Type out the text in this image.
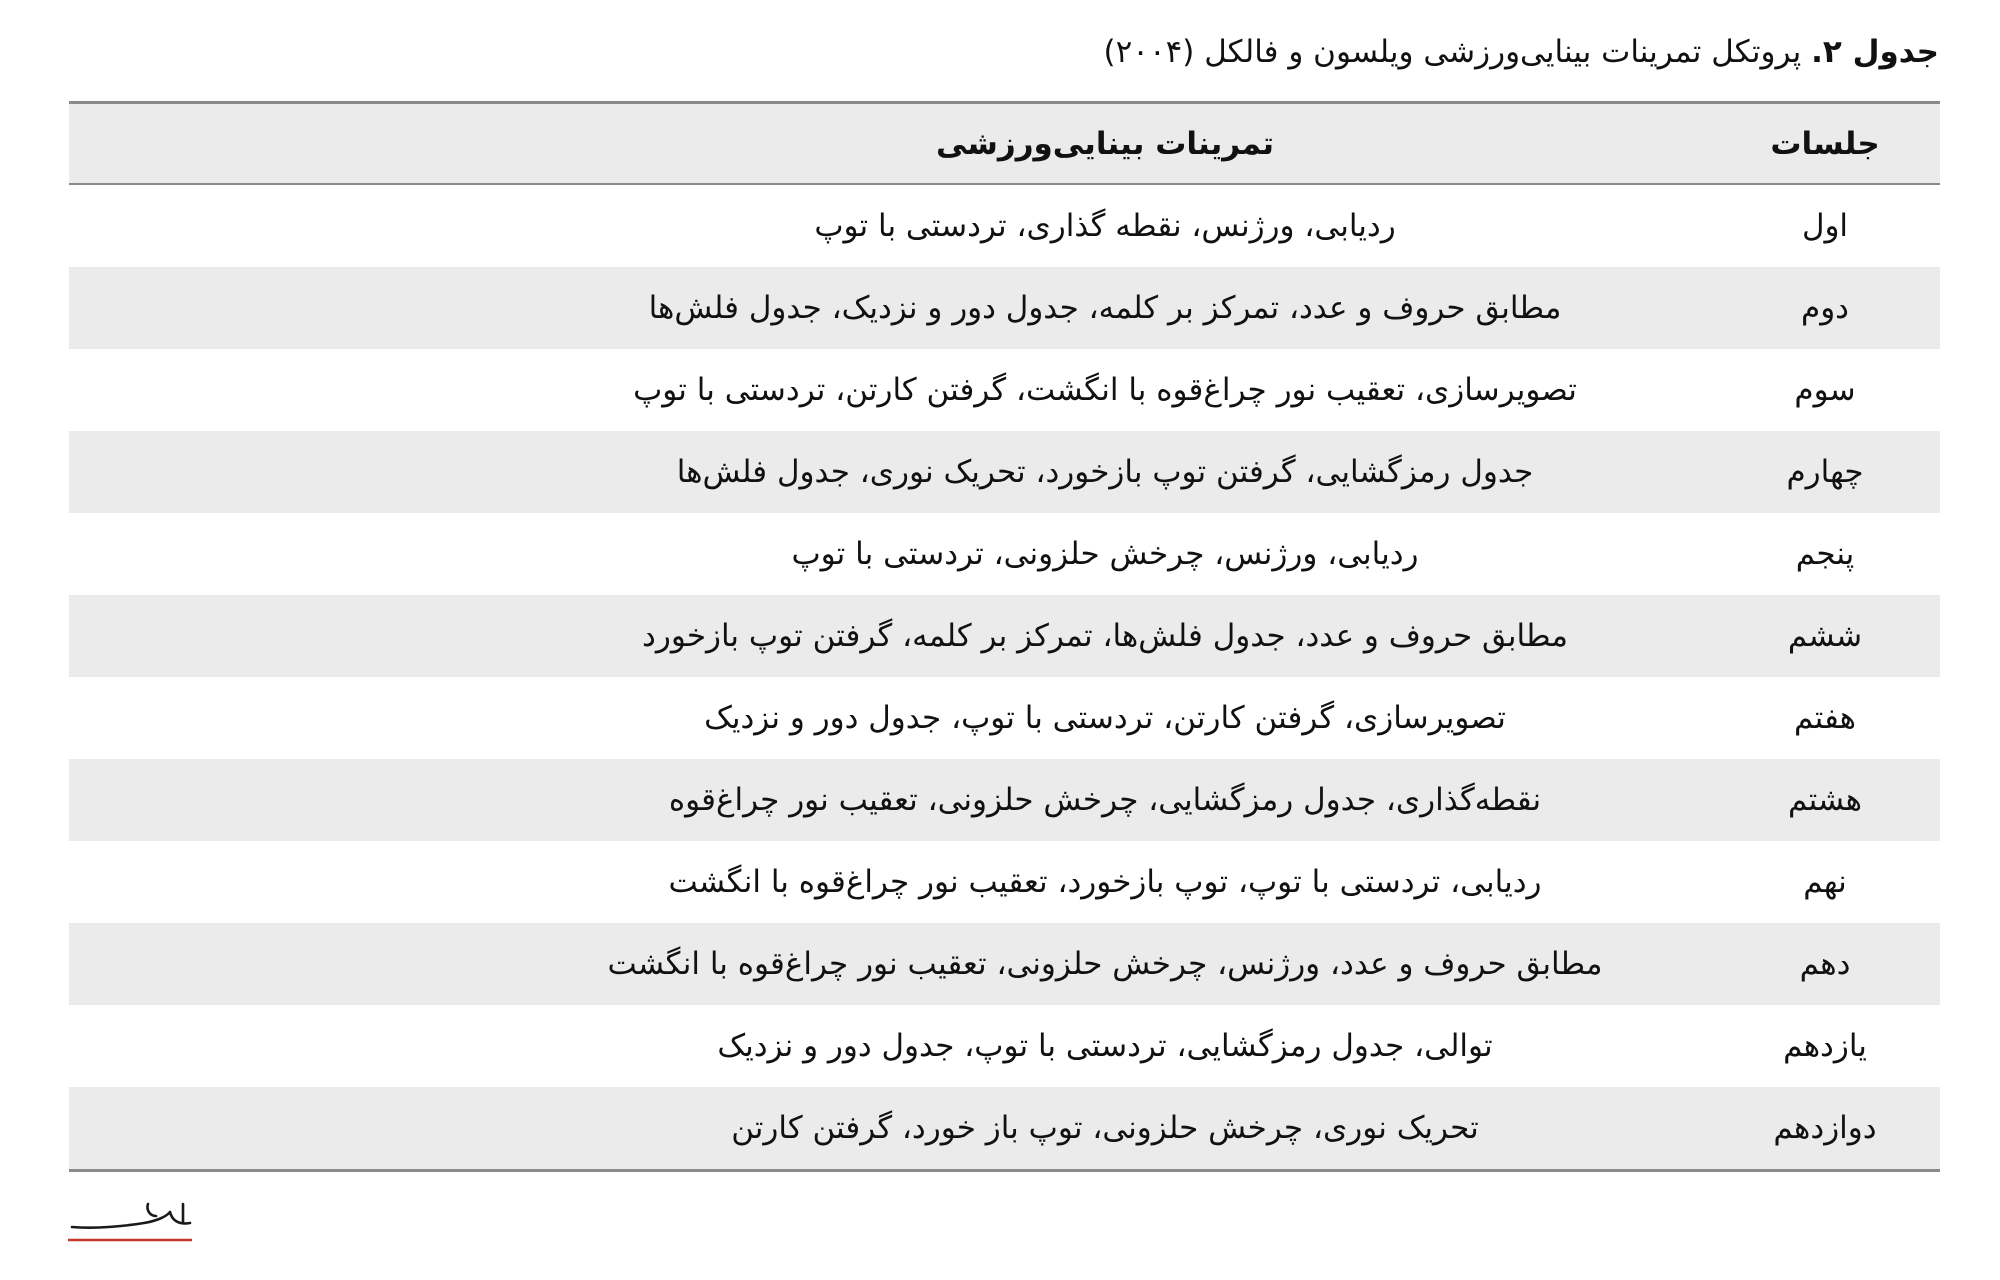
جدول ۲. پروتکل تمرینات بینایی‌ورزشی ویلسون و فالکل (۲۰۰۴)
جلسات
تمرینات بینایی‌ورزشی
اول
ردیابی، ورژنس، نقطه گذاری، تردستی با توپ
دوم
مطابق حروف و عدد، تمرکز بر کلمه، جدول دور و نزدیک، جدول فلش‌ها
سوم
تصویرسازی، تعقیب نور چراغ‌قوه با انگشت، گرفتن کارتن، تردستی با توپ
چهارم
جدول رمزگشایی، گرفتن توپ بازخورد، تحریک نوری، جدول فلش‌ها
پنجم
ردیابی، ورژنس، چرخش حلزونی، تردستی با توپ
ششم
مطابق حروف و عدد، جدول فلش‌ها، تمرکز بر کلمه، گرفتن توپ بازخورد
هفتم
تصویرسازی، گرفتن کارتن، تردستی با توپ، جدول دور و نزدیک
هشتم
نقطه‌گذاری، جدول رمزگشایی، چرخش حلزونی، تعقیب نور چراغ‌قوه
نهم
ردیابی، تردستی با توپ، توپ بازخورد، تعقیب نور چراغ‌قوه با انگشت
دهم
مطابق حروف و عدد، ورژنس، چرخش حلزونی، تعقیب نور چراغ‌قوه با انگشت
یازدهم
توالی، جدول رمزگشایی، تردستی با توپ، جدول دور و نزدیک
دوازدهم
تحریک نوری، چرخش حلزونی، توپ باز خورد، گرفتن کارتن
